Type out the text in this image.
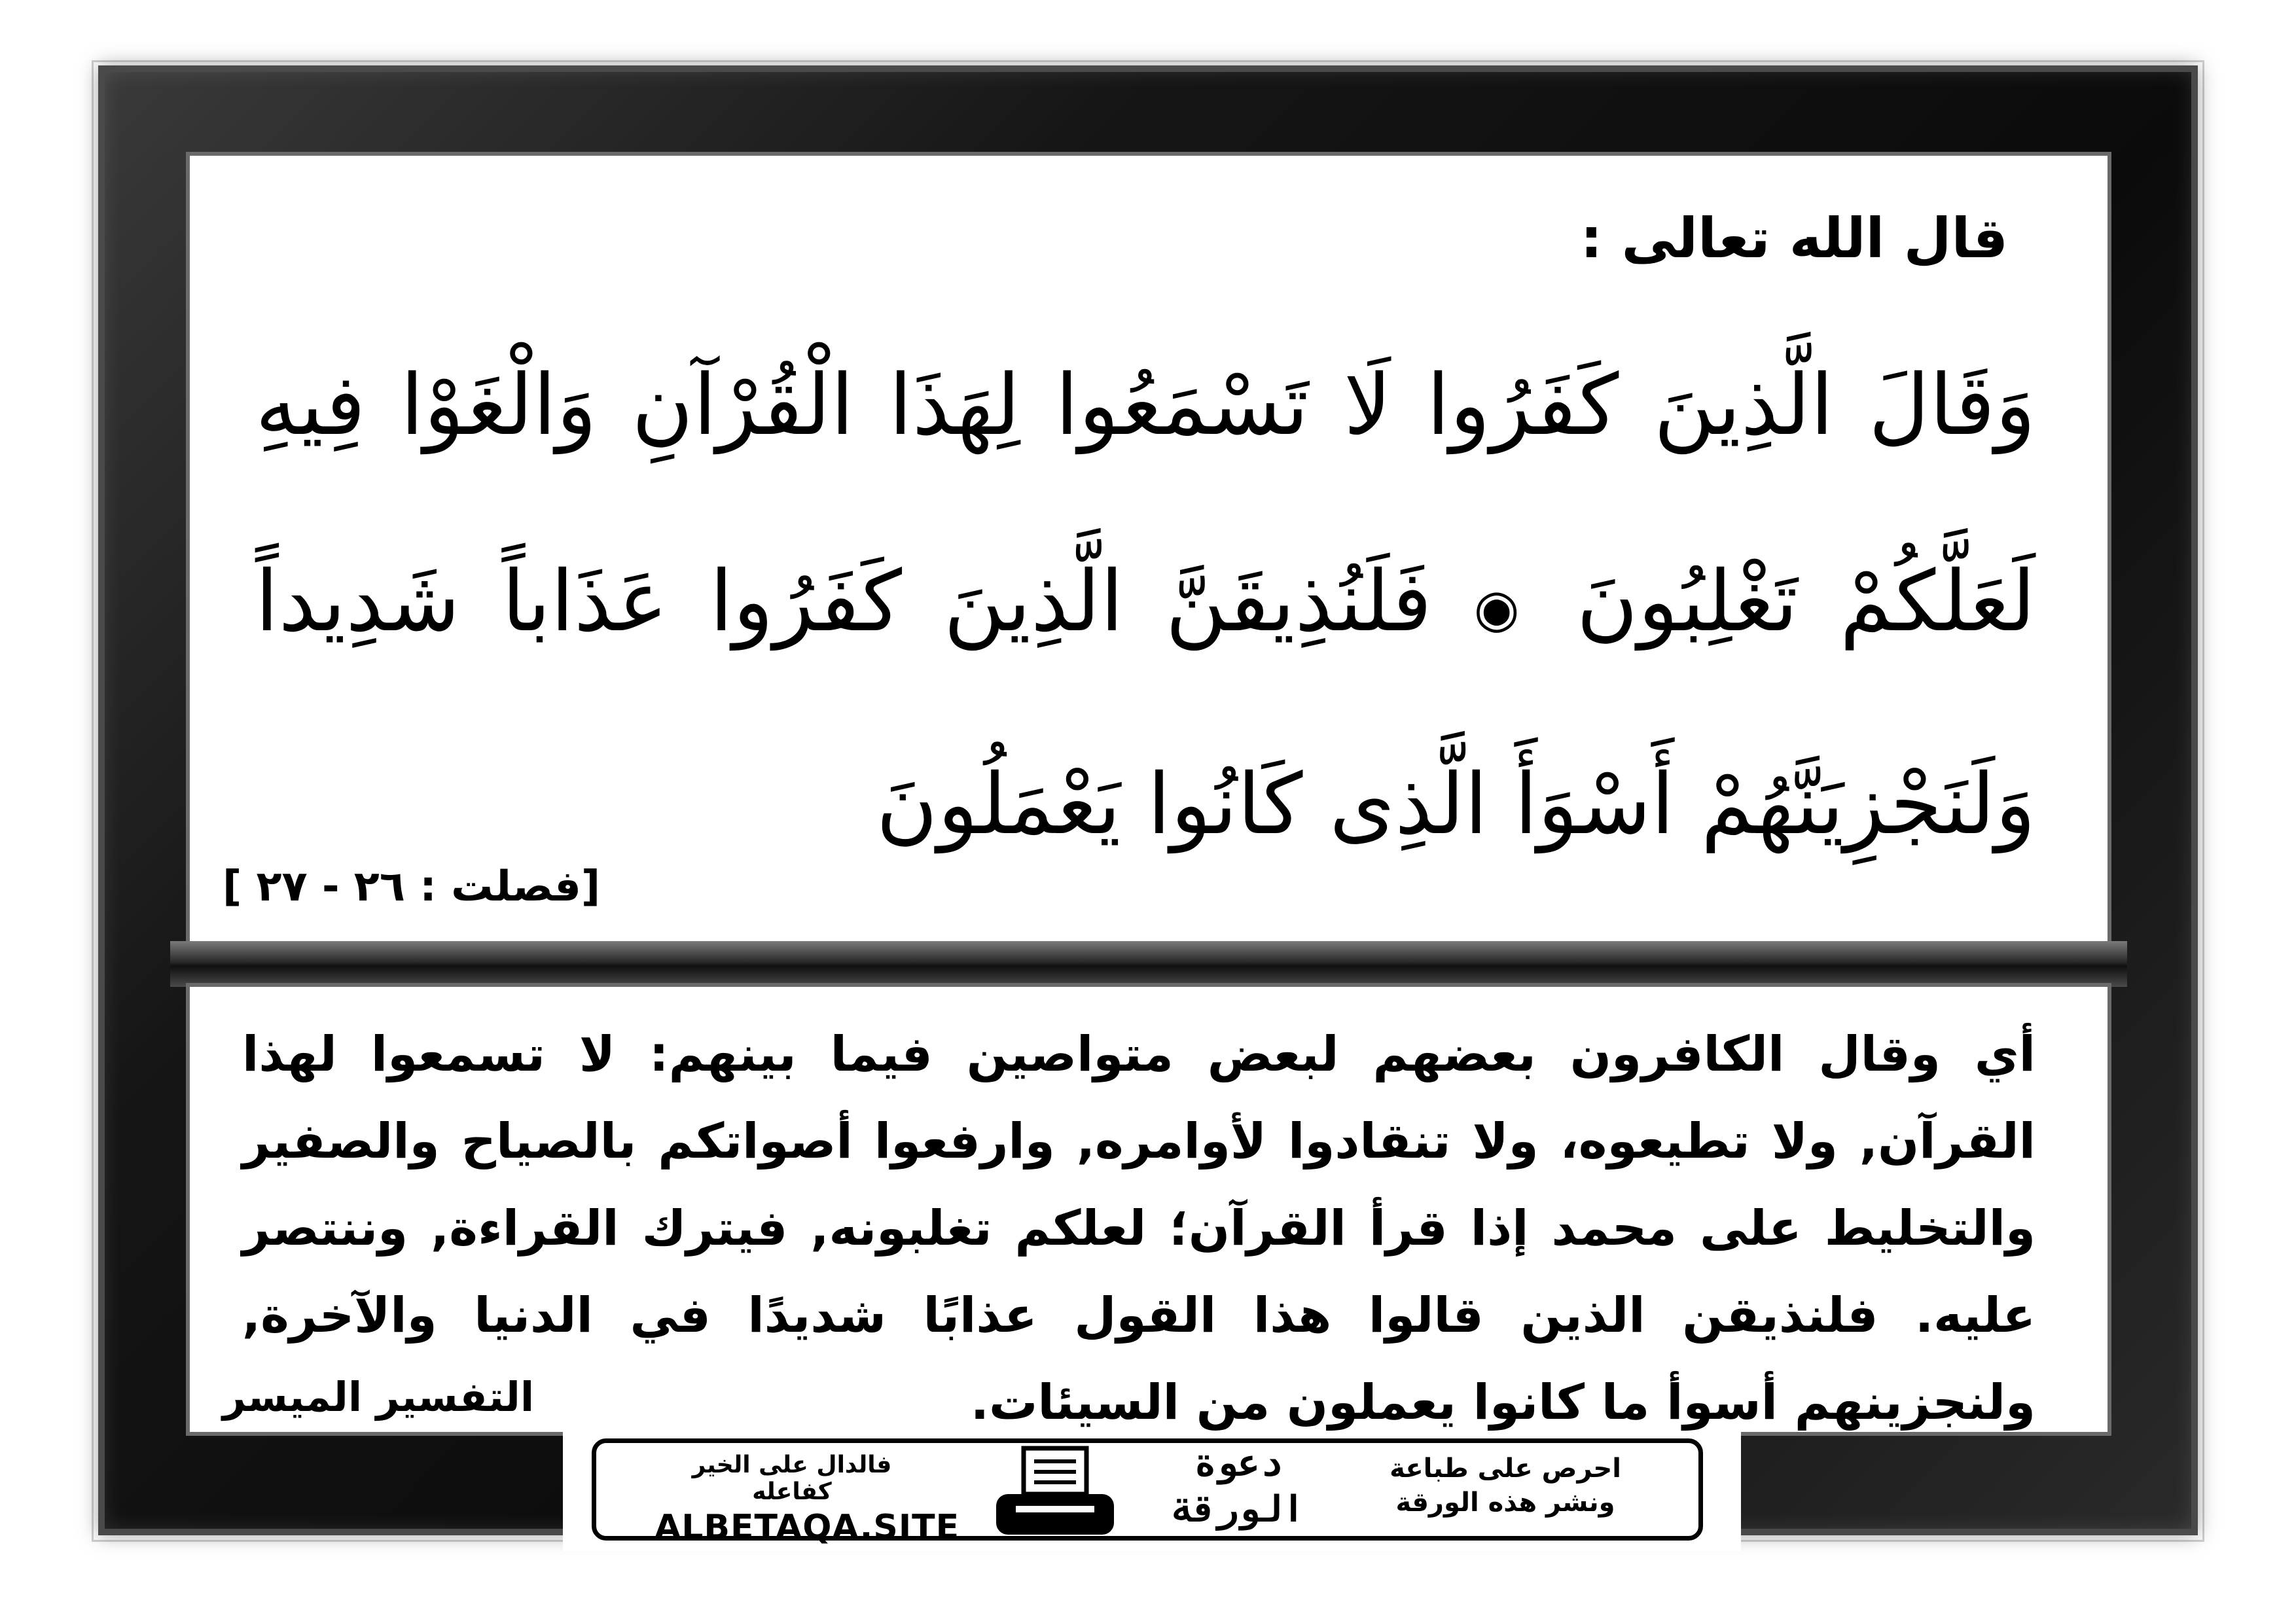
قال الله تعالى :
وَقَالَ الَّذِينَ كَفَرُوا لَا تَسْمَعُوا لِهَذَا الْقُرْآنِ وَالْغَوْا فِيهِ لَعَلَّكُمْ تَغْلِبُونَ ◉ فَلَنُذِيقَنَّ الَّذِينَ كَفَرُوا عَذَاباً شَدِيداً وَلَنَجْزِيَنَّهُمْ أَسْوَأَ الَّذِى كَانُوا يَعْمَلُونَ
[فصلت : ٢٦ - ٢٧ ]
أي وقال الكافرون بعضهم لبعض متواصين فيما بينهم: لا تسمعوا لهذا القرآن, ولا تطيعوه، ولا تنقادوا لأوامره, وارفعوا أصواتكم بالصياح والصفير والتخليط على محمد إذا قرأ القرآن؛ لعلكم تغلبونه, فيترك القراءة, وننتصر عليه. فلنذيقن الذين قالوا هذا القول عذابًا شديدًا في الدنيا والآخرة, ولنجزينهم أسوأ ما كانوا يعملون من السيئات.
التفسير الميسر
فالدال على الخير كفاعله
ALBETAQA.SITE
دعوة
الورقة
احرص على طباعة
ونشر هذه الورقة
